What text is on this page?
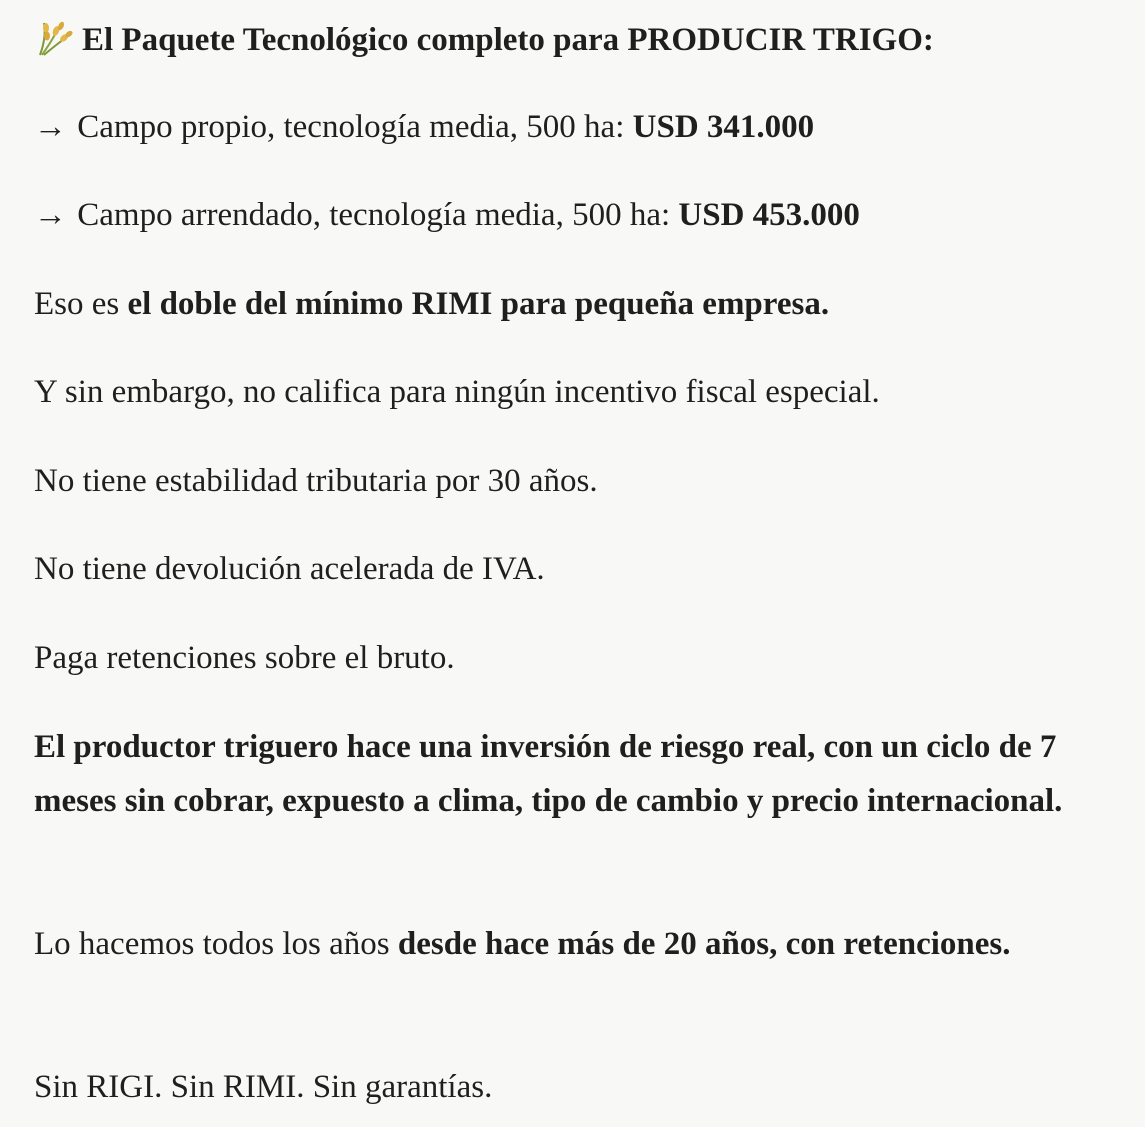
El Paquete Tecnológico completo para PRODUCIR TRIGO:

→ Campo propio, tecnología media, 500 ha: USD 341.000

→ Campo arrendado, tecnología media, 500 ha: USD 453.000

Eso es el doble del mínimo RIMI para pequeña empresa.

Y sin embargo, no califica para ningún incentivo fiscal especial.

No tiene estabilidad tributaria por 30 años.

No tiene devolución acelerada de IVA.

Paga retenciones sobre el bruto.

El productor triguero hace una inversión de riesgo real, con un ciclo de 7 meses sin cobrar, expuesto a clima, tipo de cambio y precio internacional.

Lo hacemos todos los años desde hace más de 20 años, con retenciones.

Sin RIGI. Sin RIMI. Sin garantías.
